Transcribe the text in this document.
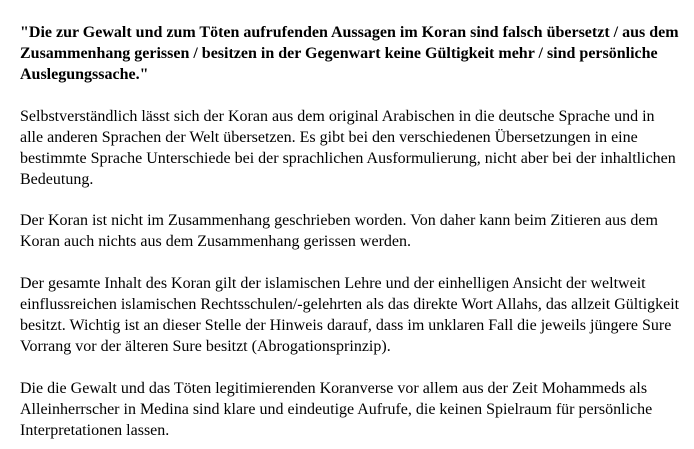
"Die zur Gewalt und zum Töten aufrufenden Aussagen im Koran sind falsch übersetzt / aus dem Zusammenhang gerissen / besitzen in der Gegenwart keine Gültigkeit mehr / sind persönliche Auslegungssache."

Selbstverständlich lässt sich der Koran aus dem original Arabischen in die deutsche Sprache und in alle anderen Sprachen der Welt übersetzen. Es gibt bei den verschiedenen Übersetzungen in eine bestimmte Sprache Unterschiede bei der sprachlichen Ausformulierung, nicht aber bei der inhaltlichen Bedeutung.

Der Koran ist nicht im Zusammenhang geschrieben worden. Von daher kann beim Zitieren aus dem Koran auch nichts aus dem Zusammenhang gerissen werden.

Der gesamte Inhalt des Koran gilt der islamischen Lehre und der einhelligen Ansicht der weltweit einflussreichen islamischen Rechtsschulen/-gelehrten als das direkte Wort Allahs, das allzeit Gültigkeit besitzt. Wichtig ist an dieser Stelle der Hinweis darauf, dass im unklaren Fall die jeweils jüngere Sure Vorrang vor der älteren Sure besitzt (Abrogationsprinzip).

Die die Gewalt und das Töten legitimierenden Koranverse vor allem aus der Zeit Mohammeds als Alleinherrscher in Medina sind klare und eindeutige Aufrufe, die keinen Spielraum für persönliche Interpretationen lassen.
